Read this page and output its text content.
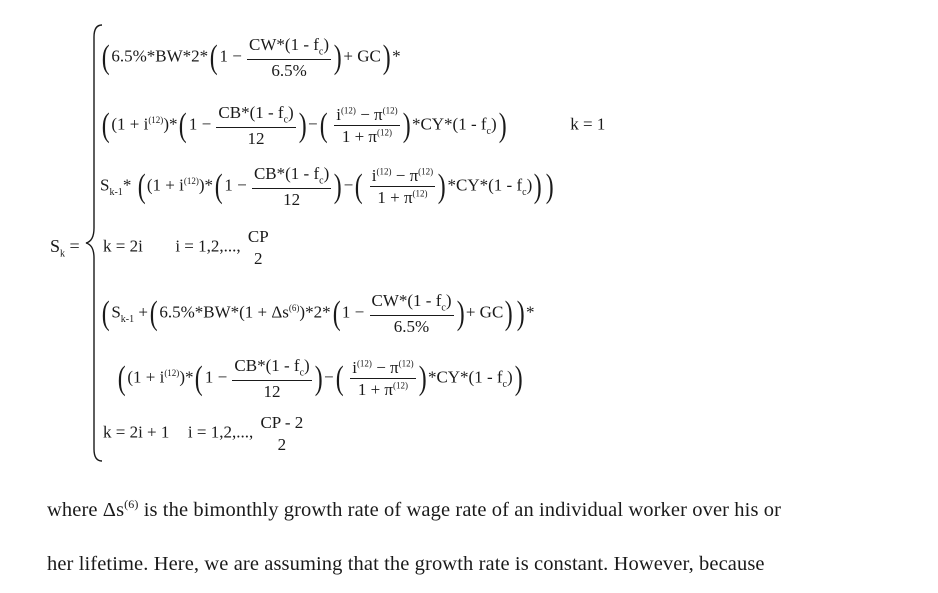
$S_k$ =
($6.5\%*BW*2*(1 - \frac{CW*(1 - f_c)}{6.5\%}$ )+ GC)*
($(1 + i^{(12)})*(1 - \frac{CB*(1 - f_c)}{12}$ )−( $\frac{i^{(12)} - \pi^{(12)}}{1 + \pi^{(12)}} )*CY*(1 - f_c)$)	k = 1
$S_{k-1}*$ ($(1 + i^{(12)})*(1 - \frac{CB*(1 - f_c)}{12}$ )−( $\frac{i^{(12)} - \pi^{(12)}}{1 + \pi^{(12)}} )*CY*(1 - f_c)$))
k = 2i i = 1,2,..., CP
2
($S_{k-1} +(6.5\%*BW*(1 + \Delta s^{(6)})*2*(1 - \frac{CW*(1 - f_c)}{6.5\%}$ )+ GC))*
($(1 + i^{(12)})*(1 - \frac{CB*(1 - f_c)}{12}$ )−( $\frac{i^{(12)} - \pi^{(12)}}{1 + \pi^{(12)}} )*CY*(1 - f_c)$)
k = 2i + 1 i = 1,2,..., CP - 2
2
where $\Delta s^{(6)}$ is the bimonthly growth rate of wage rate of an individual worker over his or
her lifetime. Here, we are assuming that the growth rate is constant. However, because
